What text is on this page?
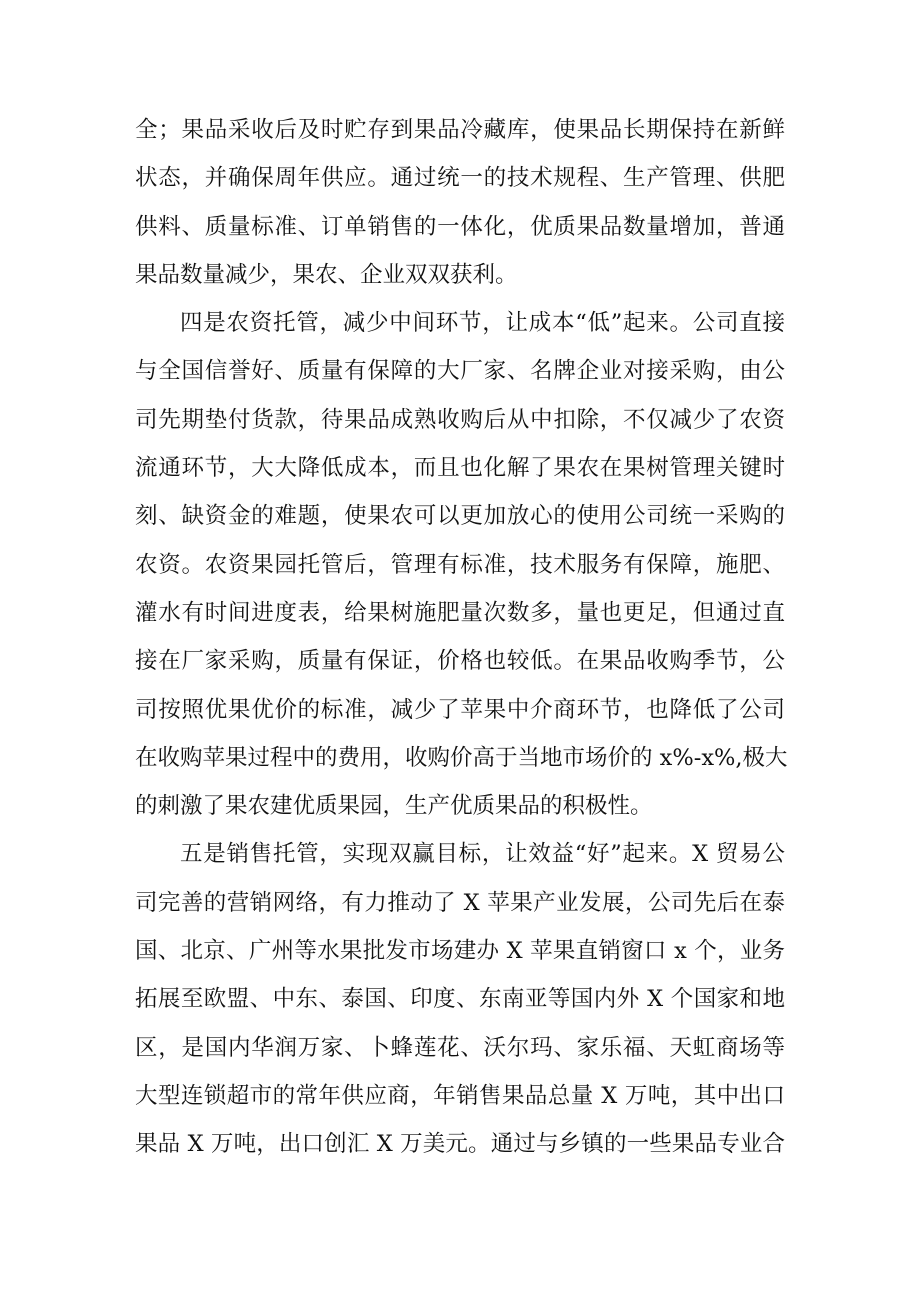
全；果品采收后及时贮存到果品冷藏库，使果品长期保持在新鲜
状态，并确保周年供应。通过统一的技术规程、生产管理、供肥
供料、质量标准、订单销售的一体化，优质果品数量增加，普通
果品数量减少，果农、企业双双获利。
四是农资托管，减少中间环节，让成本“低”起来。公司直接
与全国信誉好、质量有保障的大厂家、名牌企业对接采购，由公
司先期垫付货款，待果品成熟收购后从中扣除，不仅减少了农资
流通环节，大大降低成本，而且也化解了果农在果树管理关键时
刻、缺资金的难题，使果农可以更加放心的使用公司统一采购的
农资。农资果园托管后，管理有标准，技术服务有保障，施肥、
灌水有时间进度表，给果树施肥量次数多，量也更足，但通过直
接在厂家采购，质量有保证，价格也较低。在果品收购季节，公
司按照优果优价的标准，减少了苹果中介商环节，也降低了公司
在收购苹果过程中的费用，收购价高于当地市场价的 x%-x%,极大
的刺激了果农建优质果园，生产优质果品的积极性。
五是销售托管，实现双赢目标，让效益“好”起来。X 贸易公
司完善的营销网络，有力推动了 X 苹果产业发展，公司先后在泰
国、北京、广州等水果批发市场建办 X 苹果直销窗口 x 个，业务
拓展至欧盟、中东、泰国、印度、东南亚等国内外 X 个国家和地
区，是国内华润万家、卜蜂莲花、沃尔玛、家乐福、天虹商场等
大型连锁超市的常年供应商，年销售果品总量 X 万吨，其中出口
果品 X 万吨，出口创汇 X 万美元。通过与乡镇的一些果品专业合
